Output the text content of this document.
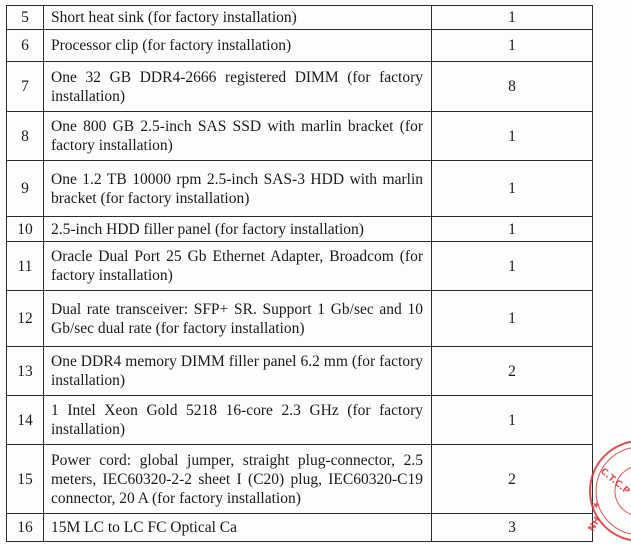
5	Short heat sink (for factory installation)	1
6	Processor clip (for factory installation)	1
7	One 32 GB DDR4-2666 registered DIMM (for factory installation)	8
8	One 800 GB 2.5-inch SAS SSD with marlin bracket (for factory installation)	1
9	One 1.2 TB 10000 rpm 2.5-inch SAS-3 HDD with marlin bracket (for factory installation)	1
10	2.5-inch HDD filler panel (for factory installation)	1
11	Oracle Dual Port 25 Gb Ethernet Adapter, Broadcom (for factory installation)	1
12	Dual rate transceiver: SFP+ SR. Support 1 Gb/sec and 10 Gb/sec dual rate (for factory installation)	1
13	One DDR4 memory DIMM filler panel 6.2 mm (for factory installation)	2
14	1 Intel Xeon Gold 5218 16-core 2.3 GHz (for factory installation)	1
15	Power cord: global jumper, straight plug-connector, 2.5 meters, IEC60320-2-2 sheet I (C20) plug, IEC60320-C19 connector, 20 A (for factory installation)	2
16	15M LC to LC FC Optical Ca	3
C.T.C.P
★
NH
